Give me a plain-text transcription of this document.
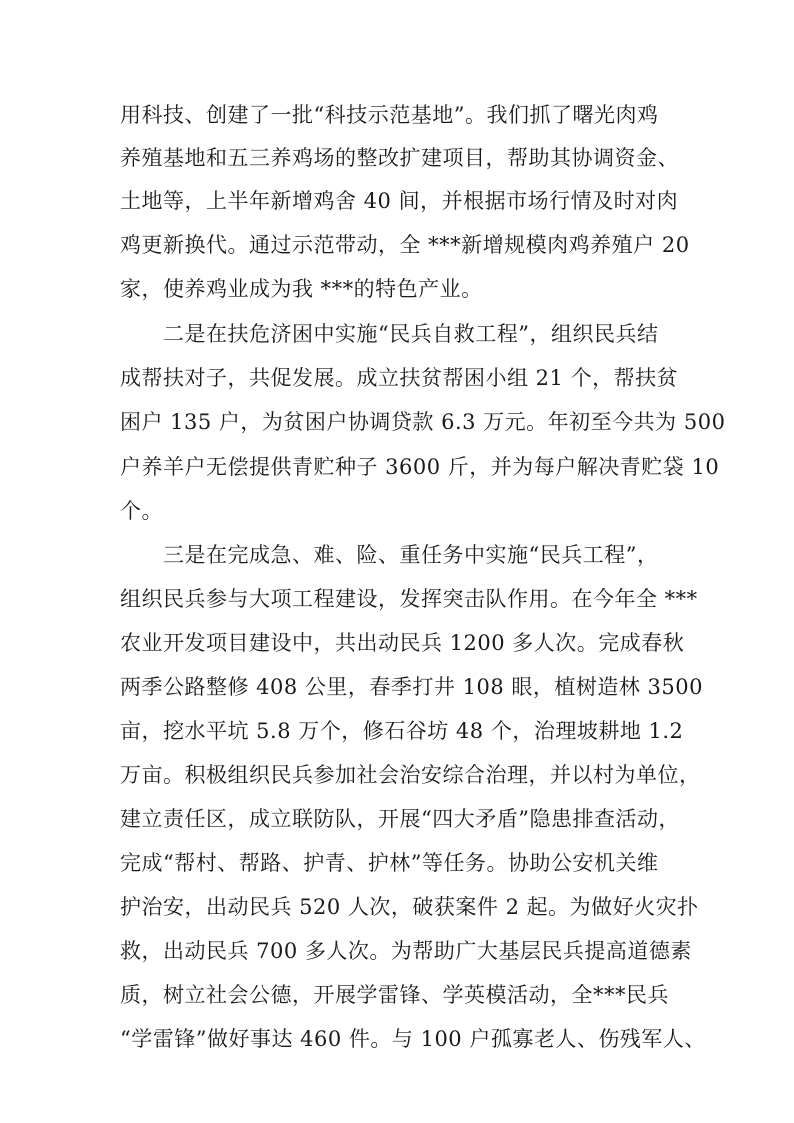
用科技、创建了一批“科技示范基地”。我们抓了曙光肉鸡
养殖基地和五三养鸡场的整改扩建项目，帮助其协调资金、
土地等，上半年新增鸡舍 40 间，并根据市场行情及时对肉
鸡更新换代。通过示范带动，全 ***新增规模肉鸡养殖户 20
家，使养鸡业成为我 ***的特色产业。
二是在扶危济困中实施“民兵自救工程”，组织民兵结
成帮扶对子，共促发展。成立扶贫帮困小组 21 个，帮扶贫
困户 135 户，为贫困户协调贷款 6.3 万元。年初至今共为 500
户养羊户无偿提供青贮种子 3600 斤，并为每户解决青贮袋 10
个。
三是在完成急、难、险、重任务中实施“民兵工程”，
组织民兵参与大项工程建设，发挥突击队作用。在今年全 ***
农业开发项目建设中，共出动民兵 1200 多人次。完成春秋
两季公路整修 408 公里，春季打井 108 眼，植树造林 3500
亩，挖水平坑 5.8 万个，修石谷坊 48 个，治理坡耕地 1.2
万亩。积极组织民兵参加社会治安综合治理，并以村为单位，
建立责任区，成立联防队，开展“四大矛盾”隐患排查活动，
完成“帮村、帮路、护青、护林”等任务。协助公安机关维
护治安，出动民兵 520 人次，破获案件 2 起。为做好火灾扑
救，出动民兵 700 多人次。为帮助广大基层民兵提高道德素
质，树立社会公德，开展学雷锋、学英模活动，全***民兵
“学雷锋”做好事达 460 件。与 100 户孤寡老人、伤残军人、
